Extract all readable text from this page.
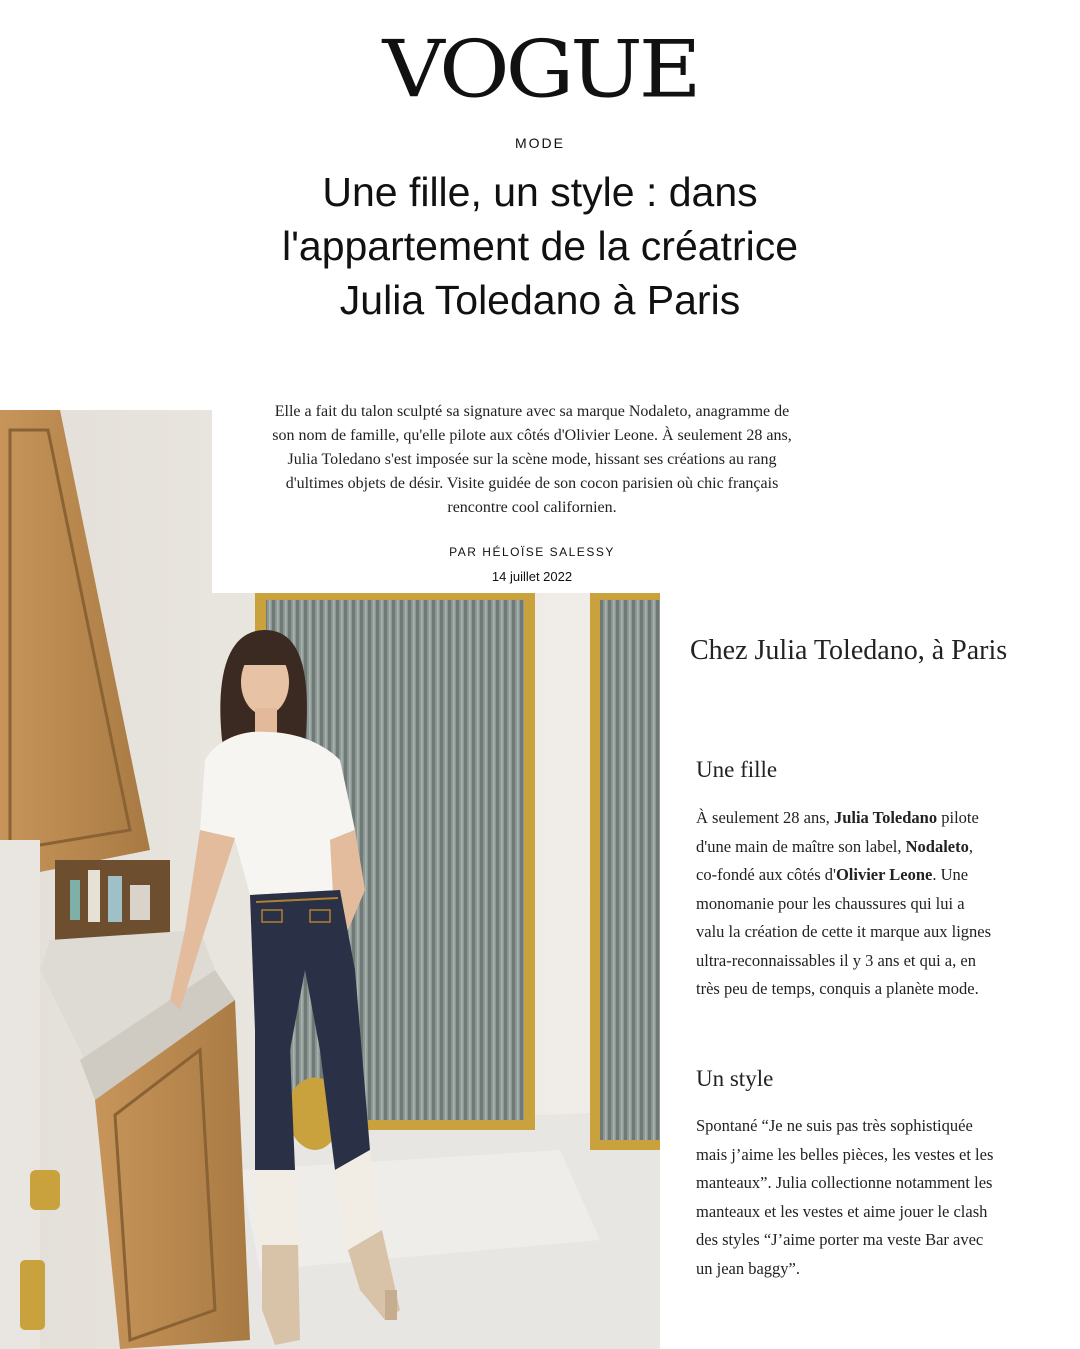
VOGUE
MODE
Une fille, un style : dans l'appartement de la créatrice Julia Toledano à Paris

Elle a fait du talon sculpté sa signature avec sa marque Nodaleto, anagramme de son nom de famille, qu'elle pilote aux côtés d'Olivier Leone. À seulement 28 ans, Julia Toledano s'est imposée sur la scène mode, hissant ses créations au rang d'ultimes objets de désir. Visite guidée de son cocon parisien où chic français rencontre cool californien.

PAR HÉLOÏSE SALESSY
14 juillet 2022
Chez Julia Toledano, à Paris
Une fille

À seulement 28 ans, Julia Toledano pilote d'une main de maître son label, Nodaleto, co-fondé aux côtés d'Olivier Leone. Une monomanie pour les chaussures qui lui a valu la création de cette it marque aux lignes ultra-reconnaissables il y 3 ans et qui a, en très peu de temps, conquis a planète mode.

Un style

Spontané “Je ne suis pas très sophistiquée mais j’aime les belles pièces, les vestes et les manteaux”. Julia collectionne notamment les manteaux et les vestes et aime jouer le clash des styles “J’aime porter ma veste Bar avec un jean baggy”.
